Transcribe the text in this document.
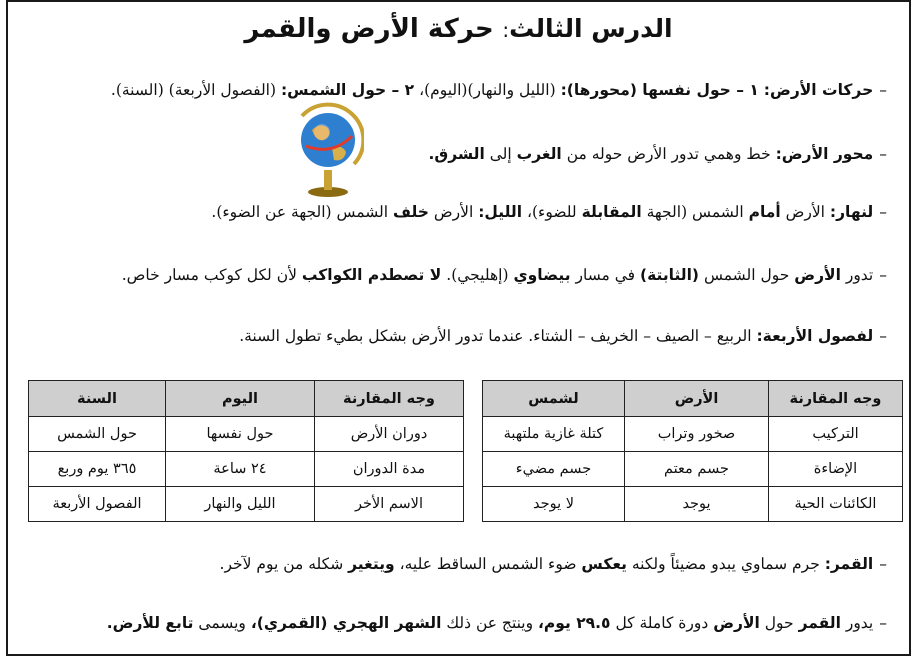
الدرس الثالث: حركة الأرض والقمر
–حركات الأرض: ١ – حول نفسها (محورها): (الليل والنهار)(اليوم)، ٢ – حول الشمس: (الفصول الأربعة) (السنة).
–محور الأرض: خط وهمي تدور الأرض حوله من الغرب إلى الشرق.
–لنهار: الأرض أمام الشمس (الجهة المقابلة للضوء)، الليل: الأرض خلف الشمس (الجهة عن الضوء).
–تدور الأرض حول الشمس (الثابتة) في مسار بيضاوي (إهليجي). لا تصطدم الكواكب لأن لكل كوكب مسار خاص.
–لفصول الأربعة: الربيع – الصيف – الخريف – الشتاء. عندما تدور الأرض بشكل بطيء تطول السنة.
وجه المقارنة	الأرض	لشمس
التركيب	صخور وتراب	كتلة غازية ملتهبة
الإضاءة	جسم معتم	جسم مضيء
الكائنات الحية	يوجد	لا يوجد
وجه المقارنة	اليوم	السنة
دوران الأرض	حول نفسها	حول الشمس
مدة الدوران	٢٤ ساعة	٣٦٥ يوم وربع
الاسم الأخر	الليل والنهار	الفصول الأربعة
–القمر: جرم سماوي يبدو مضيئاً ولكنه يعكس ضوء الشمس الساقط عليه، ويتغير شكله من يوم لآخر.
–يدور القمر حول الأرض دورة كاملة كل ٢٩.٥ يوم، وينتج عن ذلك الشهر الهجري (القمري)، ويسمى تابع للأرض.
